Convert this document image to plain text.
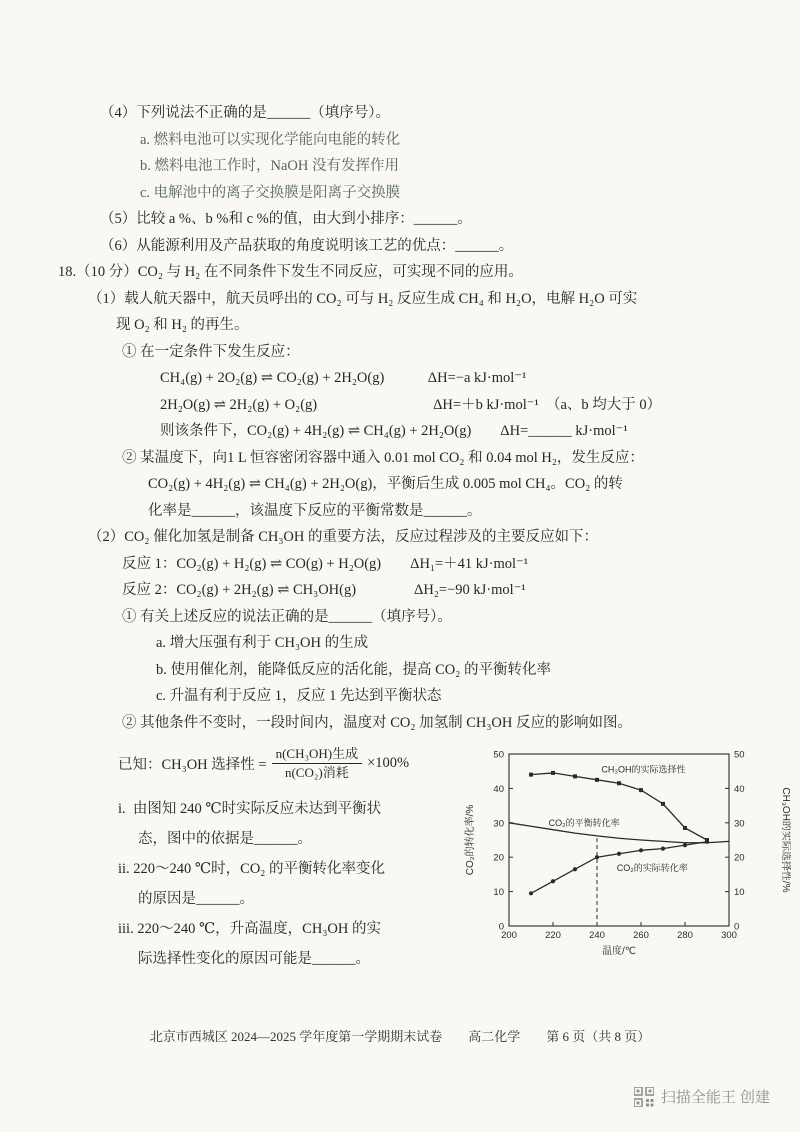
（4）下列说法不正确的是______（填序号）。
a. 燃料电池可以实现化学能向电能的转化
b. 燃料电池工作时，NaOH 没有发挥作用
c. 电解池中的离子交换膜是阳离子交换膜
（5）比较 a %、b %和 c %的值，由大到小排序：______。
（6）从能源利用及产品获取的角度说明该工艺的优点：______。
18.（10 分）CO₂ 与 H₂ 在不同条件下发生不同反应，可实现不同的应用。
（1）载人航天器中，航天员呼出的 CO₂ 可与 H₂ 反应生成 CH₄ 和 H₂O，电解 H₂O 可实
现 O₂ 和 H₂ 的再生。
① 在一定条件下发生反应：
CH₄(g) + 2O₂(g) ⇌ CO₂(g) + 2H₂O(g)　　　ΔH=−a kJ·mol⁻¹
2H₂O(g) ⇌ 2H₂(g) + O₂(g)　　　　　　　　ΔH=＋b kJ·mol⁻¹　（a、b 均大于 0）
则该条件下，CO₂(g) + 4H₂(g) ⇌ CH₄(g) + 2H₂O(g)　　ΔH=______ kJ·mol⁻¹
② 某温度下，向1 L 恒容密闭容器中通入 0.01 mol CO₂ 和 0.04 mol H₂，发生反应：
CO₂(g) + 4H₂(g) ⇌ CH₄(g) + 2H₂O(g)，平衡后生成 0.005 mol CH₄。CO₂ 的转
化率是______，该温度下反应的平衡常数是______。
（2）CO₂ 催化加氢是制备 CH₃OH 的重要方法，反应过程涉及的主要反应如下：
反应 1：CO₂(g) + H₂(g) ⇌ CO(g) + H₂O(g)　　ΔH₁=＋41 kJ·mol⁻¹
反应 2：CO₂(g) + 2H₂(g) ⇌ CH₃OH(g)　　　　ΔH₂=−90 kJ·mol⁻¹
① 有关上述反应的说法正确的是______（填序号）。
a. 增大压强有利于 CH₃OH 的生成
b. 使用催化剂，能降低反应的活化能，提高 CO₂ 的平衡转化率
c. 升温有利于反应 1，反应 1 先达到平衡状态
② 其他条件不变时，一段时间内，温度对 CO₂ 加氢制 CH₃OH 反应的影响如图。
已知：CH₃OH 选择性 = $\frac{\text{n(CH₃OH)生成}}{\text{n(CO₂)消耗}} \times 100\%$
i.  由图知 240 ℃时实际反应未达到平衡状
态，图中的依据是______。
ii. 220～240 ℃时，CO₂ 的平衡转化率变化
的原因是______。
iii. 220～240 ℃，升高温度，CH₃OH 的实
际选择性变化的原因可能是______。
200	220	240	260	280	300
0	0
10	10
20	20
30	30
40	40
50	50
CH₃OH的实际选择性
CO₂的平衡转化率
CO₂的实际转化率
CO₂的转化率/%	CH₃OH的实际选择性/%
温度/℃
北京市西城区 2024—2025 学年度第一学期期末试卷　　高二化学　　第 6 页（共 8 页）
扫描全能王 创建
